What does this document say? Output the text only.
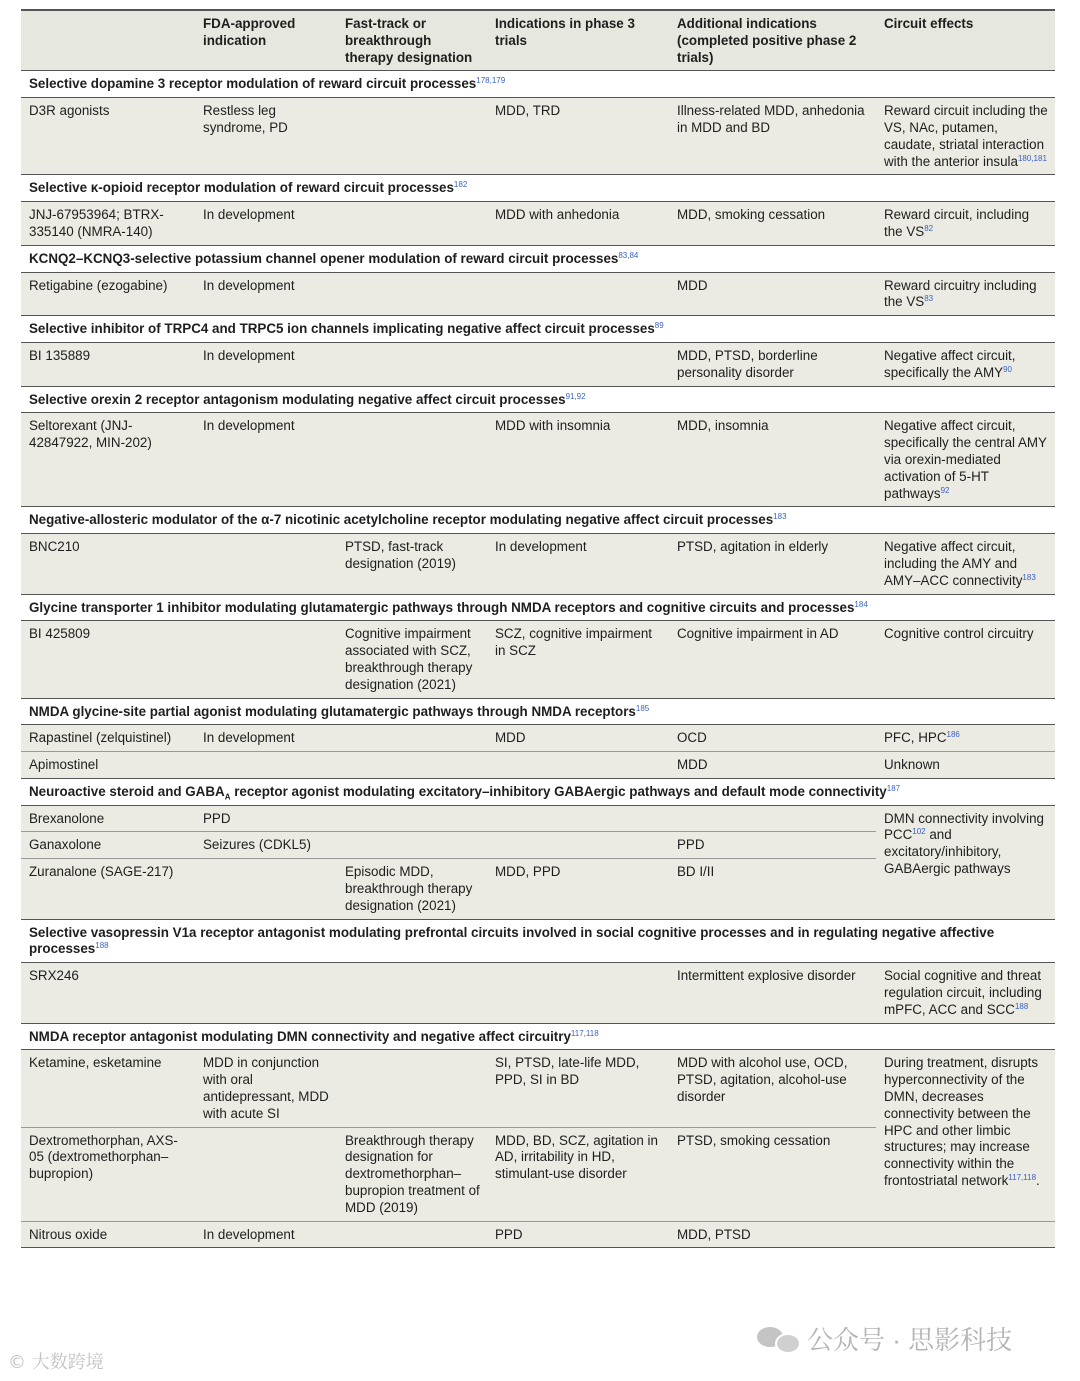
	FDA-approved indication	Fast-track or breakthrough therapy designation	Indications in phase 3 trials	Additional indications (completed positive phase 2 trials)	Circuit effects
Selective dopamine 3 receptor modulation of reward circuit processes$^{178,179}$
D3R agonists	Restless leg syndrome, PD		MDD, TRD	Illness-related MDD, anhedonia in MDD and BD	Reward circuit including the VS, NAc, putamen, caudate, striatal interaction with the anterior insula$^{180,181}$
Selective κ-opioid receptor modulation of reward circuit processes$^{182}$
JNJ-67953964; BTRX-335140 (NMRA-140)	In development		MDD with anhedonia	MDD, smoking cessation	Reward circuit, including the VS$^{82}$
KCNQ2–KCNQ3-selective potassium channel opener modulation of reward circuit processes$^{83,84}$
Retigabine (ezogabine)	In development			MDD	Reward circuitry including the VS$^{83}$
Selective inhibitor of TRPC4 and TRPC5 ion channels implicating negative affect circuit processes$^{89}$
BI 135889	In development			MDD, PTSD, borderline personality disorder	Negative affect circuit, specifically the AMY$^{90}$
Selective orexin 2 receptor antagonism modulating negative affect circuit processes$^{91,92}$
Seltorexant (JNJ-42847922, MIN-202)	In development		MDD with insomnia	MDD, insomnia	Negative affect circuit, specifically the central AMY via orexin-mediated activation of 5-HT pathways$^{92}$
Negative-allosteric modulator of the α-7 nicotinic acetylcholine receptor modulating negative affect circuit processes$^{183}$
BNC210		PTSD, fast-track designation (2019)	In development	PTSD, agitation in elderly	Negative affect circuit, including the AMY and AMY–ACC connectivity$^{183}$
Glycine transporter 1 inhibitor modulating glutamatergic pathways through NMDA receptors and cognitive circuits and processes$^{184}$
BI 425809		Cognitive impairment associated with SCZ, breakthrough therapy designation (2021)	SCZ, cognitive impairment in SCZ	Cognitive impairment in AD	Cognitive control circuitry
NMDA glycine-site partial agonist modulating glutamatergic pathways through NMDA receptors$^{185}$
Rapastinel (zelquistinel)	In development		MDD	OCD	PFC, HPC$^{186}$
Apimostinel				MDD	Unknown
Neuroactive steroid and $GABA_A$ receptor agonist modulating excitatory–inhibitory GABAergic pathways and default mode connectivity$^{187}$
Brexanolone	PPD				DMN connectivity involving PCC$^{102}$ and excitatory/inhibitory, GABAergic pathways
Ganaxolone	Seizures (CDKL5)			PPD	
Zuranalone (SAGE-217)		Episodic MDD, breakthrough therapy designation (2021)	MDD, PPD	BD I/II	
Selective vasopressin V1a receptor antagonist modulating prefrontal circuits involved in social cognitive processes and in regulating negative affective processes$^{188}$
SRX246				Intermittent explosive disorder	Social cognitive and threat regulation circuit, including mPFC, ACC and SCC$^{188}$
NMDA receptor antagonist modulating DMN connectivity and negative affect circuitry$^{117,118}$
Ketamine, esketamine	MDD in conjunction with oral antidepressant, MDD with acute SI		SI, PTSD, late-life MDD, PPD, SI in BD	MDD with alcohol use, OCD, PTSD, agitation, alcohol-use disorder	During treatment, disrupts hyperconnectivity of the DMN, decreases connectivity between the HPC and other limbic structures; may increase connectivity within the frontostriatal network$^{117,118}$.
Dextromethorphan, AXS-05 (dextromethorphan–bupropion)		Breakthrough therapy designation for dextromethorphan–bupropion treatment of MDD (2019)	MDD, BD, SCZ, agitation in AD, irritability in HD, stimulant-use disorder	PTSD, smoking cessation	
Nitrous oxide	In development		PPD	MDD, PTSD	
公众号 · 思影科技
© 大数跨境
